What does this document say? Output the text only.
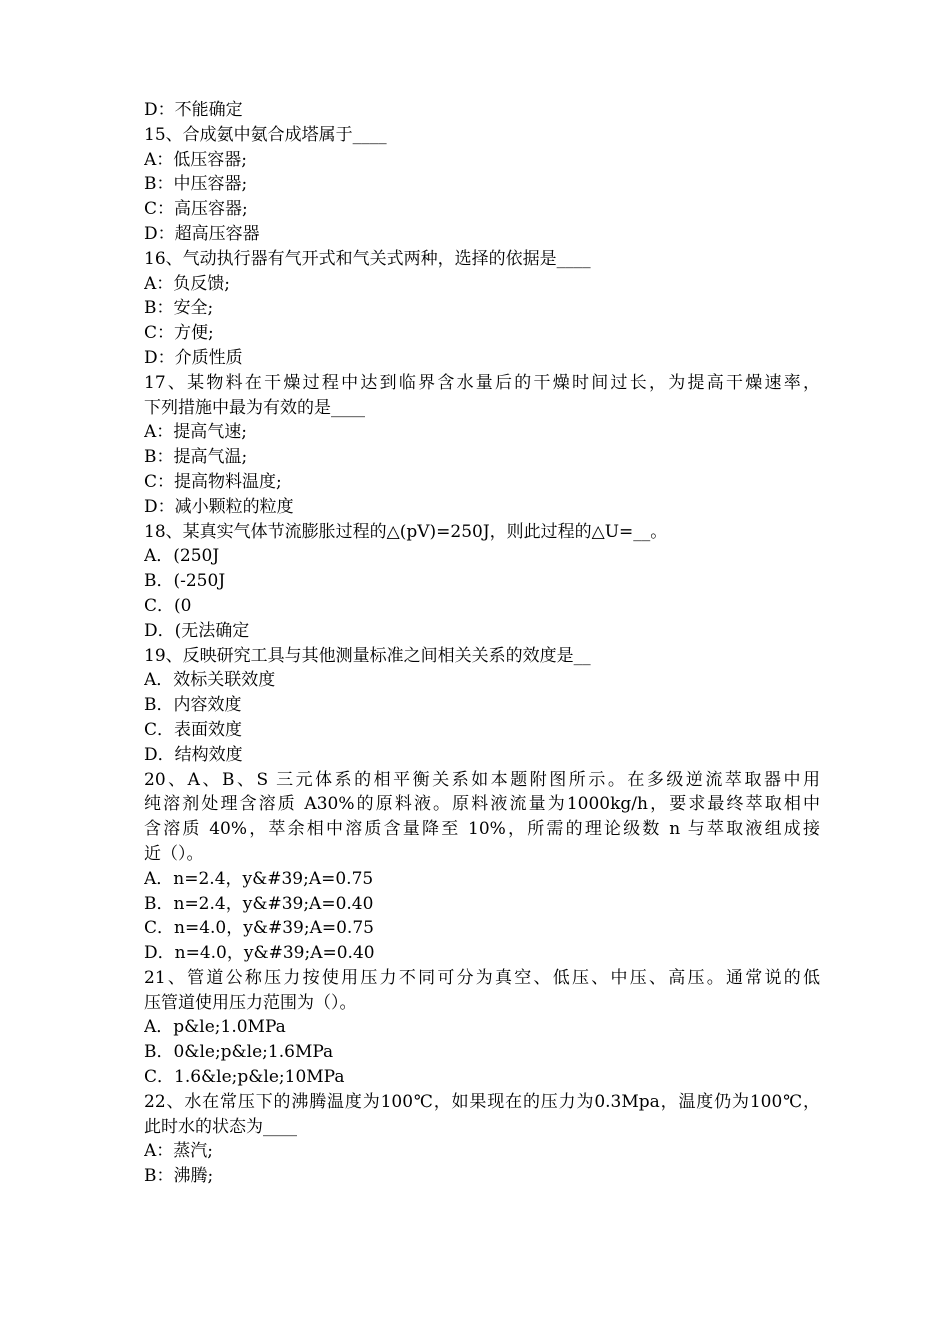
D：不能确定
15、合成氨中氨合成塔属于____
A：低压容器;
B：中压容器;
C：高压容器;
D：超高压容器
16、气动执行器有气开式和气关式两种，选择的依据是____
A：负反馈;
B：安全;
C：方便;
D：介质性质
17、某物料在干燥过程中达到临界含水量后的干燥时间过长，为提高干燥速率，
下列措施中最为有效的是____
A：提高气速;
B：提高气温;
C：提高物料温度;
D：减小颗粒的粒度
18、某真实气体节流膨胀过程的△(pV)=250J，则此过程的△U=__。
A．(250J
B．(-250J
C．(0
D．(无法确定
19、反映研究工具与其他测量标准之间相关关系的效度是__
A．效标关联效度
B．内容效度
C．表面效度
D．结构效度
20、A、B、S 三元体系的相平衡关系如本题附图所示。在多级逆流萃取器中用
纯溶剂处理含溶质 A30%的原料液。原料液流量为1000kg/h，要求最终萃取相中
含溶质 40%，萃余相中溶质含量降至 10%，所需的理论级数 n 与萃取液组成接
近（）。
A．n=2.4，y&#39;A=0.75
B．n=2.4，y&#39;A=0.40
C．n=4.0，y&#39;A=0.75
D．n=4.0，y&#39;A=0.40
21、管道公称压力按使用压力不同可分为真空、低压、中压、高压。通常说的低
压管道使用压力范围为（）。
A．p&le;1.0MPa
B．0&le;p&le;1.6MPa
C．1.6&le;p&le;10MPa
22、水在常压下的沸腾温度为100℃，如果现在的压力为0.3Mpa，温度仍为100℃，
此时水的状态为____
A：蒸汽;
B：沸腾;
